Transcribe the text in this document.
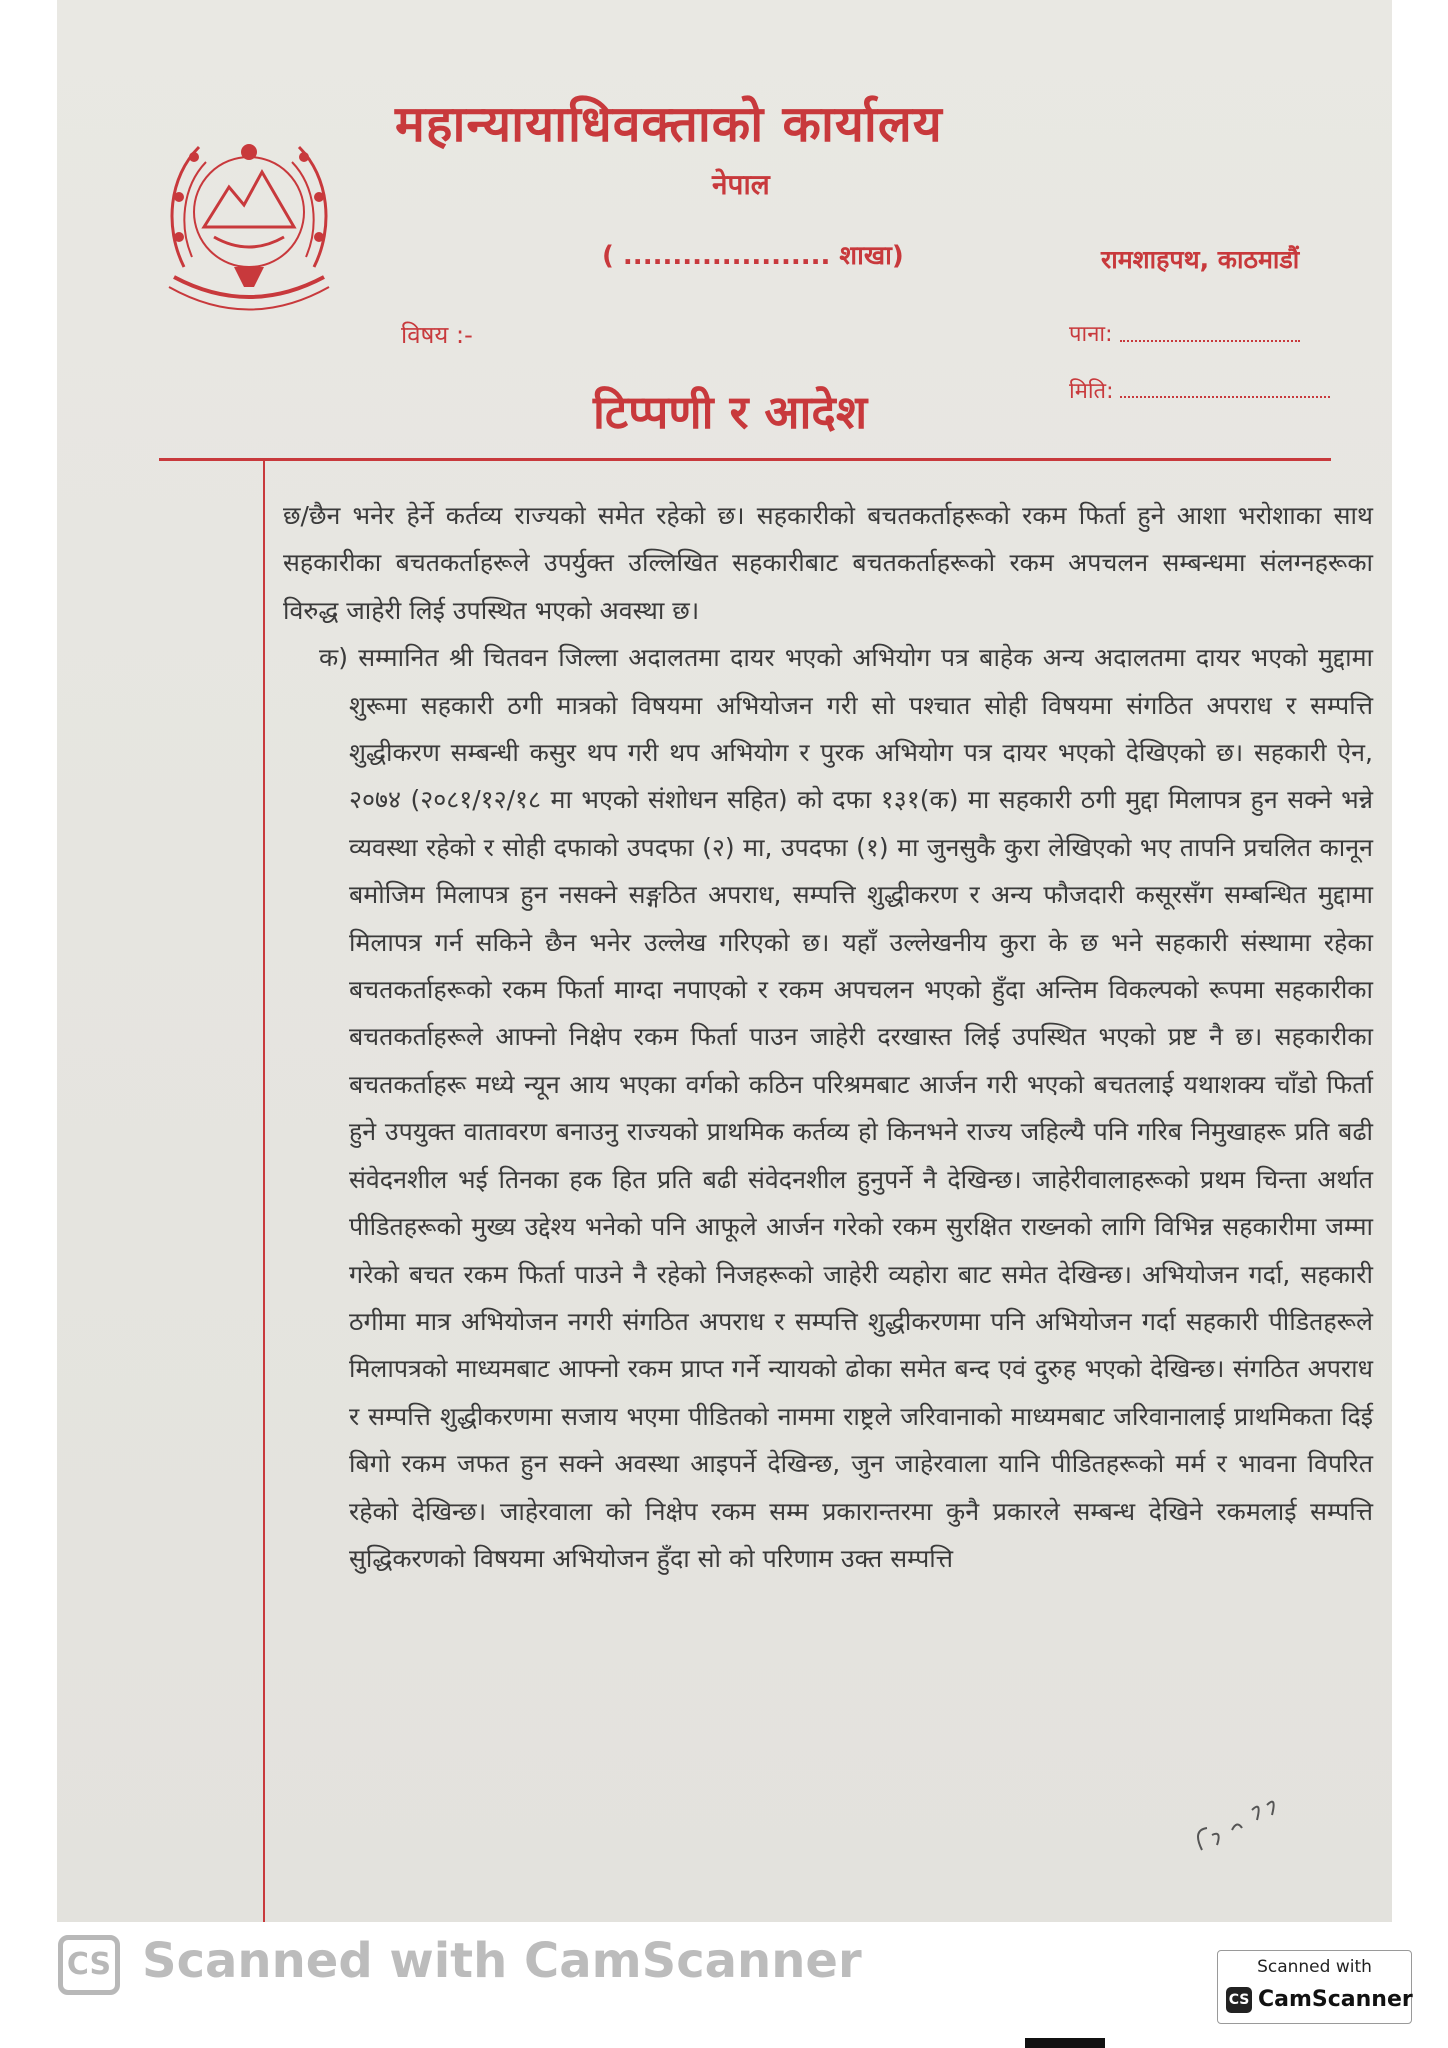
महान्यायाधिवक्ताको कार्यालय
नेपाल
( ..................... शाखा)	रामशाहपथ, काठमाडौं
विषय :-	पाना:
मिति:
टिप्पणी र आदेश

छ/छैन भनेर हेर्ने कर्तव्य राज्यको समेत रहेको छ। सहकारीको बचतकर्ताहरूको रकम फिर्ता हुने आशा भरोशाका साथ सहकारीका बचतकर्ताहरूले उपर्युक्त उल्लिखित सहकारीबाट बचतकर्ताहरूको रकम अपचलन सम्बन्धमा संलग्नहरूका विरुद्ध जाहेरी लिई उपस्थित भएको अवस्था छ।

क) सम्मानित श्री चितवन जिल्ला अदालतमा दायर भएको अभियोग पत्र बाहेक अन्य अदालतमा दायर भएको मुद्दामा शुरूमा सहकारी ठगी मात्रको विषयमा अभियोजन गरी सो पश्चात सोही विषयमा संगठित अपराध र सम्पत्ति शुद्धीकरण सम्बन्धी कसुर थप गरी थप अभियोग र पुरक अभियोग पत्र दायर भएको देखिएको छ। सहकारी ऐन, २०७४ (२०८१/१२/१८ मा भएको संशोधन सहित) को दफा १३१(क) मा सहकारी ठगी मुद्दा मिलापत्र हुन सक्ने भन्ने व्यवस्था रहेको र सोही दफाको उपदफा (२) मा, उपदफा (१) मा जुनसुकै कुरा लेखिएको भए तापनि प्रचलित कानून बमोजिम मिलापत्र हुन नसक्ने सङ्गठित अपराध, सम्पत्ति शुद्धीकरण र अन्य फौजदारी कसूरसँग सम्बन्धित मुद्दामा मिलापत्र गर्न सकिने छैन भनेर उल्लेख गरिएको छ। यहाँ उल्लेखनीय कुरा के छ भने सहकारी संस्थामा रहेका बचतकर्ताहरूको रकम फिर्ता माग्दा नपाएको र रकम अपचलन भएको हुँदा अन्तिम विकल्पको रूपमा सहकारीका बचतकर्ताहरूले आफ्नो निक्षेप रकम फिर्ता पाउन जाहेरी दरखास्त लिई उपस्थित भएको प्रष्ट नै छ। सहकारीका बचतकर्ताहरू मध्ये न्यून आय भएका वर्गको कठिन परिश्रमबाट आर्जन गरी भएको बचतलाई यथाशक्य चाँडो फिर्ता हुने उपयुक्त वातावरण बनाउनु राज्यको प्राथमिक कर्तव्य हो किनभने राज्य जहिल्यै पनि गरिब निमुखाहरू प्रति बढी संवेदनशील भई तिनका हक हित प्रति बढी संवेदनशील हुनुपर्ने नै देखिन्छ। जाहेरीवालाहरूको प्रथम चिन्ता अर्थात पीडितहरूको मुख्य उद्देश्य भनेको पनि आफूले आर्जन गरेको रकम सुरक्षित राख्नको लागि विभिन्न सहकारीमा जम्मा गरेको बचत रकम फिर्ता पाउने नै रहेको निजहरूको जाहेरी व्यहोरा बाट समेत देखिन्छ। अभियोजन गर्दा, सहकारी ठगीमा मात्र अभियोजन नगरी संगठित अपराध र सम्पत्ति शुद्धीकरणमा पनि अभियोजन गर्दा सहकारी पीडितहरूले मिलापत्रको माध्यमबाट आफ्नो रकम प्राप्त गर्ने न्यायको ढोका समेत बन्द एवं दुरुह भएको देखिन्छ। संगठित अपराध र सम्पत्ति शुद्धीकरणमा सजाय भएमा पीडितको नाममा राष्ट्रले जरिवानाको माध्यमबाट जरिवानालाई प्राथमिकता दिई बिगो रकम जफत हुन सक्ने अवस्था आइपर्ने देखिन्छ, जुन जाहेरवाला यानि पीडितहरूको मर्म र भावना विपरित रहेको देखिन्छ। जाहेरवाला को निक्षेप रकम सम्म प्रकारान्तरमा कुनै प्रकारले सम्बन्ध देखिने रकमलाई सम्पत्ति सुद्धिकरणको विषयमा अभियोजन हुँदा सो को परिणाम उक्त सम्पत्ति

CS Scanned with CamScanner	Scanned with
CS CamScanner
